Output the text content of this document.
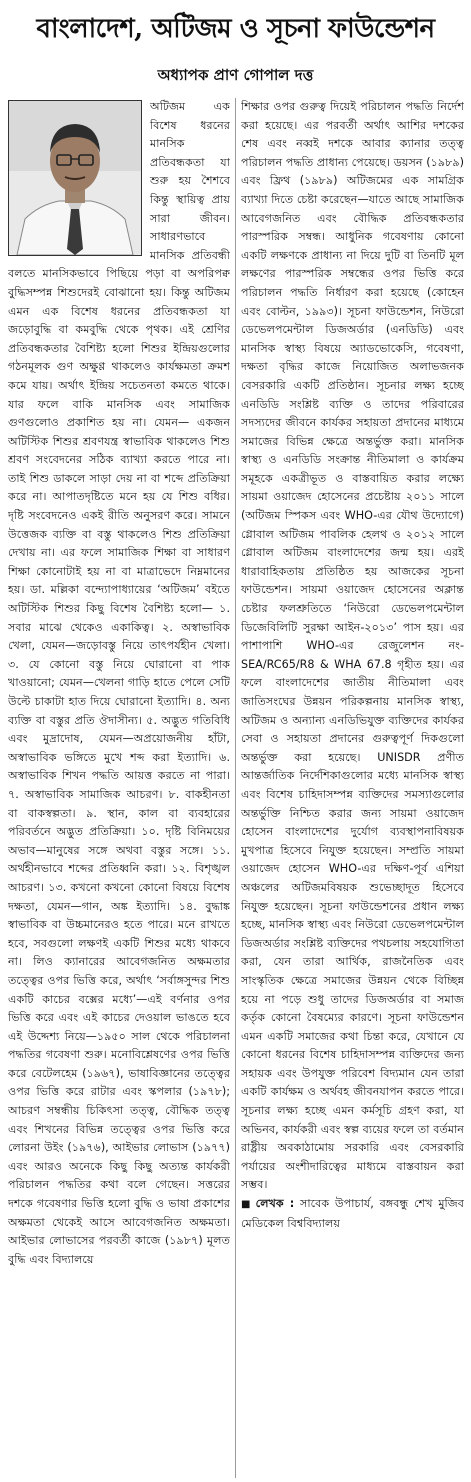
বাংলাদেশ, অটিজম ও সূচনা ফাউন্ডেশন
অধ্যাপক প্রাণ গোপাল দত্ত

অটিজম এক বিশেষ ধরনের মানসিক প্রতিবন্ধকতা যা শুরু হয় শৈশবে কিন্তু স্থায়িত্ব প্রায় সারা জীবন। সাধারণভাবে মানসিক প্রতিবন্ধী বলতে মানসিকভাবে পিছিয়ে পড়া বা অপরিপক্ব বুদ্ধিসম্পন্ন শিশুদেরই বোঝানো হয়। কিন্তু অটিজম এমন এক বিশেষ ধরনের প্রতিবন্ধকতা যা জড়োবুদ্ধি বা কমবুদ্ধি থেকে পৃথক। এই শ্রেণির প্রতিবন্ধকতার বৈশিষ্ট্য হলো শিশুর ইন্দ্রিয়গুলোর গঠনমূলক গুণ অক্ষুণ্ণ থাকলেও কার্যক্ষমতা ক্রমশ কমে যায়। অর্থাৎ ইন্দ্রিয় সচেতনতা কমতে থাকে। যার ফলে বাকি মানসিক এবং সামাজিক গুণগুলোও প্রকাশিত হয় না। যেমন— একজন অটিস্টিক শিশুর শ্রবণযন্ত্র স্বাভাবিক থাকলেও শিশু শ্রবণ সংবেদনের সঠিক ব্যাখ্যা করতে পারে না। তাই শিশু ডাকলে সাড়া দেয় না বা শব্দে প্রতিক্রিয়া করে না। আপাতদৃষ্টিতে মনে হয় যে শিশু বধির। দৃষ্টি সংবেদনেও একই রীতি অনুসরণ করে। সামনে উত্তেজক ব্যক্তি বা বস্তু থাকলেও শিশু প্রতিক্রিয়া দেখায় না। এর ফলে সামাজিক শিক্ষা বা সাধারণ শিক্ষা কোনোটাই হয় না বা মাত্রাভেদে নিম্নমানের হয়। ডা. মল্লিকা বন্দ্যোপাধ্যায়ের ‘অটিজম’ বইতে অটিস্টিক শিশুর কিছু বিশেষ বৈশিষ্ট্য হলো— ১. সবার মাঝে থেকেও একাকিত্ব। ২. অস্বাভাবিক খেলা, যেমন—জড়োবস্তু নিয়ে তাৎপর্যহীন খেলা। ৩. যে কোনো বস্তু নিয়ে ঘোরানো বা পাক খাওয়ানো; যেমন—খেলনা গাড়ি হাতে পেলে সেটি উল্টে চাকাটা হাত দিয়ে ঘোরানো ইত্যাদি। ৪. অন্য ব্যক্তি বা বস্তুর প্রতি ঔদাসীন্য। ৫. অদ্ভুত গতিবিধি এবং মুদ্রাদোষ, যেমন—অপ্রয়োজনীয় হাঁটা, অস্বাভাবিক ভঙ্গিতে মুখে শব্দ করা ইত্যাদি। ৬. অস্বাভাবিক শিখন পদ্ধতি আয়ত্ত করতে না পারা। ৭. অস্বাভাবিক সামাজিক আচরণ। ৮. বাকহীনতা বা বাকস্বল্পতা। ৯. স্থান, কাল বা ব্যবহারের পরিবর্তনে অদ্ভুত প্রতিক্রিয়া। ১০. দৃষ্টি বিনিময়ের অভাব—মানুষের সঙ্গে অথবা বস্তুর সঙ্গে। ১১. অর্থহীনভাবে শব্দের প্রতিধ্বনি করা। ১২. বিশৃঙ্খল আচরণ। ১৩. কখনো কখনো কোনো বিষয়ে বিশেষ দক্ষতা, যেমন—গান, অঙ্ক ইত্যাদি। ১৪. বুদ্ধাঙ্ক স্বাভাবিক বা উচ্চমানেরও হতে পারে। মনে রাখতে হবে, সবগুলো লক্ষণই একটি শিশুর মধ্যে থাকবে না। লিও ক্যানারের আবেগজনিত অক্ষমতার তত্ত্বের ওপর ভিত্তি করে, অর্থাৎ ‘সর্বাঙ্গসুন্দর শিশু একটি কাচের বক্সের মধ্যে’—এই বর্ণনার ওপর ভিত্তি করে এবং এই কাচের দেওয়াল ভাঙতে হবে এই উদ্দেশ্য নিয়ে—১৯৫০ সাল থেকে পরিচালনা পদ্ধতির গবেষণা শুরু। মনোবিশ্লেষণের ওপর ভিত্তি করে বেটেলহেম (১৯৬৭), ভাষাবিজ্ঞানের তত্ত্বের ওপর ভিত্তি করে রাটার এবং স্কপলার (১৯৭৮); আচরণ সম্বন্ধীয় চিকিৎসা তত্ত্ব, বৌদ্ধিক তত্ত্ব এবং শিখনের বিভিন্ন তত্ত্বের ওপর ভিত্তি করে লোরনা উইং (১৯৭৬), আইভার লোভাস (১৯৭৭) এবং আরও অনেকে কিছু কিছু অত্যন্ত কার্যকরী পরিচালন পদ্ধতির কথা বলে গেছেন। সত্তরের দশকে গবেষণার ভিত্তি হলো বুদ্ধি ও ভাষা প্রকাশের অক্ষমতা থেকেই আসে আবেগজনিত অক্ষমতা। আইভার লোভাসের পরবর্তী কাজে (১৯৮৭) মূলত বুদ্ধি এবং বিদ্যালয়ে

শিক্ষার ওপর গুরুত্ব দিয়েই পরিচালন পদ্ধতি নির্দেশ করা হয়েছে। এর পরবর্তী অর্থাৎ আশির দশকের শেষ এবং নব্বই দশকে আবার ক্যানার তত্ত্ব পরিচালন পদ্ধতি প্রাধান্য পেয়েছে। ডয়সন (১৯৮৯) এবং ফ্রিথ (১৯৮৯) অটিজমের এক সামগ্রিক ব্যাখ্যা দিতে চেষ্টা করেছেন—যাতে আছে সামাজিক আবেগজনিত এবং বৌদ্ধিক প্রতিবন্ধকতার পারস্পরিক সম্বন্ধ। আধুনিক গবেষণায় কোনো একটি লক্ষণকে প্রাধান্য না দিয়ে দুটি বা তিনটি মূল লক্ষণের পারস্পরিক সম্বন্ধের ওপর ভিত্তি করে পরিচালন পদ্ধতি নির্ধারণ করা হয়েছে (কোহেন এবং বোল্টন, ১৯৯৩)। সূচনা ফাউন্ডেশন, নিউরো ডেভেলপমেন্টাল ডিজঅর্ডার (এনডিডি) এবং মানসিক স্বাস্থ্য বিষয়ে অ্যাডভোকেসি, গবেষণা, দক্ষতা বৃদ্ধির কাজে নিয়োজিত অলাভজনক বেসরকারি একটি প্রতিষ্ঠান। সূচনার লক্ষ্য হচ্ছে এনডিডি সংশ্লিষ্ট ব্যক্তি ও তাদের পরিবারের সদস্যদের জীবনে কার্যকর সহায়তা প্রদানের মাধ্যমে সমাজের বিভিন্ন ক্ষেত্রে অন্তর্ভুক্ত করা। মানসিক স্বাস্থ্য ও এনডিডি সংক্রান্ত নীতিমালা ও কার্যক্রম সমূহকে একত্রীভূত ও বাস্তবায়িত করার লক্ষ্যে সায়মা ওয়াজেদ হোসেনের প্রচেষ্টায় ২০১১ সালে (অটিজম স্পিকস এবং WHO-এর যৌথ উদ্যোগে) গ্লোবাল অটিজম পাবলিক হেলথ ও ২০১২ সালে গ্লোবাল অটিজম বাংলাদেশের জন্ম হয়। এরই ধারাবাহিকতায় প্রতিষ্ঠিত হয় আজকের সূচনা ফাউন্ডেশন। সায়মা ওয়াজেদ হোসেনের অক্লান্ত চেষ্টার ফলশ্রুতিতে ‘নিউরো ডেভেলপমেন্টাল ডিজেবিলিটি সুরক্ষা আইন-২০১৩’ পাস হয়। এর পাশাপাশি WHO-এর রেজুলেশন নং-SEA/RC65/R8 & WHA 67.8 গৃহীত হয়। এর ফলে বাংলাদেশের জাতীয় নীতিমালা এবং জাতিসংঘের উন্নয়ন পরিকল্পনায় মানসিক স্বাস্থ্য, অটিজম ও অন্যান্য এনডিভিযুক্ত ব্যক্তিদের কার্যকর সেবা ও সহায়তা প্রদানের গুরুত্বপূর্ণ দিকগুলো অন্তর্ভুক্ত করা হয়েছে। UNISDR প্রণীত আন্তর্জাতিক নির্দেশিকাগুলোর মধ্যে মানসিক স্বাস্থ্য এবং বিশেষ চাহিদাসম্পন্ন ব্যক্তিদের সমস্যাগুলোর অন্তর্ভুক্তি নিশ্চিত করার জন্য সায়মা ওয়াজেদ হোসেন বাংলাদেশের দুর্যোগ ব্যবস্থাপনাবিষয়ক মুখপাত্র হিসেবে নিযুক্ত হয়েছেন। সম্প্রতি সায়মা ওয়াজেদ হোসেন WHO-এর দক্ষিণ-পূর্ব এশিয়া অঞ্চলের অটিজমবিষয়ক শুভেচ্ছাদূত হিসেবে নিযুক্ত হয়েছেন। সূচনা ফাউন্ডেশনের প্রধান লক্ষ্য হচ্ছে, মানসিক স্বাস্থ্য এবং নিউরো ডেভেলপমেন্টাল ডিজঅর্ডার সংশ্লিষ্ট ব্যক্তিদের পথচলায় সহযোগিতা করা, যেন তারা আর্থিক, রাজনৈতিক এবং সাংস্কৃতিক ক্ষেত্রে সমাজের উন্নয়ন থেকে বিচ্ছিন্ন হয়ে না পড়ে শুধু তাদের ডিজঅর্ডার বা সমাজ কর্তৃক কোনো বৈষম্যের কারণে। সূচনা ফাউন্ডেশন এমন একটি সমাজের কথা চিন্তা করে, যেখানে যে কোনো ধরনের বিশেষ চাহিদাসম্পন্ন ব্যক্তিদের জন্য সহায়ক এবং উপযুক্ত পরিবেশ বিদ্যমান যেন তারা একটি কার্যক্ষম ও অর্থবহ জীবনযাপন করতে পারে। সূচনার লক্ষ্য হচ্ছে এমন কর্মসূচি গ্রহণ করা, যা অভিনব, কার্যকরী এবং স্বল্প ব্যয়ের ফলে তা বর্তমান রাষ্ট্রীয় অবকাঠামোয় সরকারি এবং বেসরকারি পর্যায়ের অংশীদারিত্বের মাধ্যমে বাস্তবায়ন করা সম্ভব।

■ লেখক : সাবেক উপাচার্য, বঙ্গবন্ধু শেখ মুজিব মেডিকেল বিশ্ববিদ্যালয়
